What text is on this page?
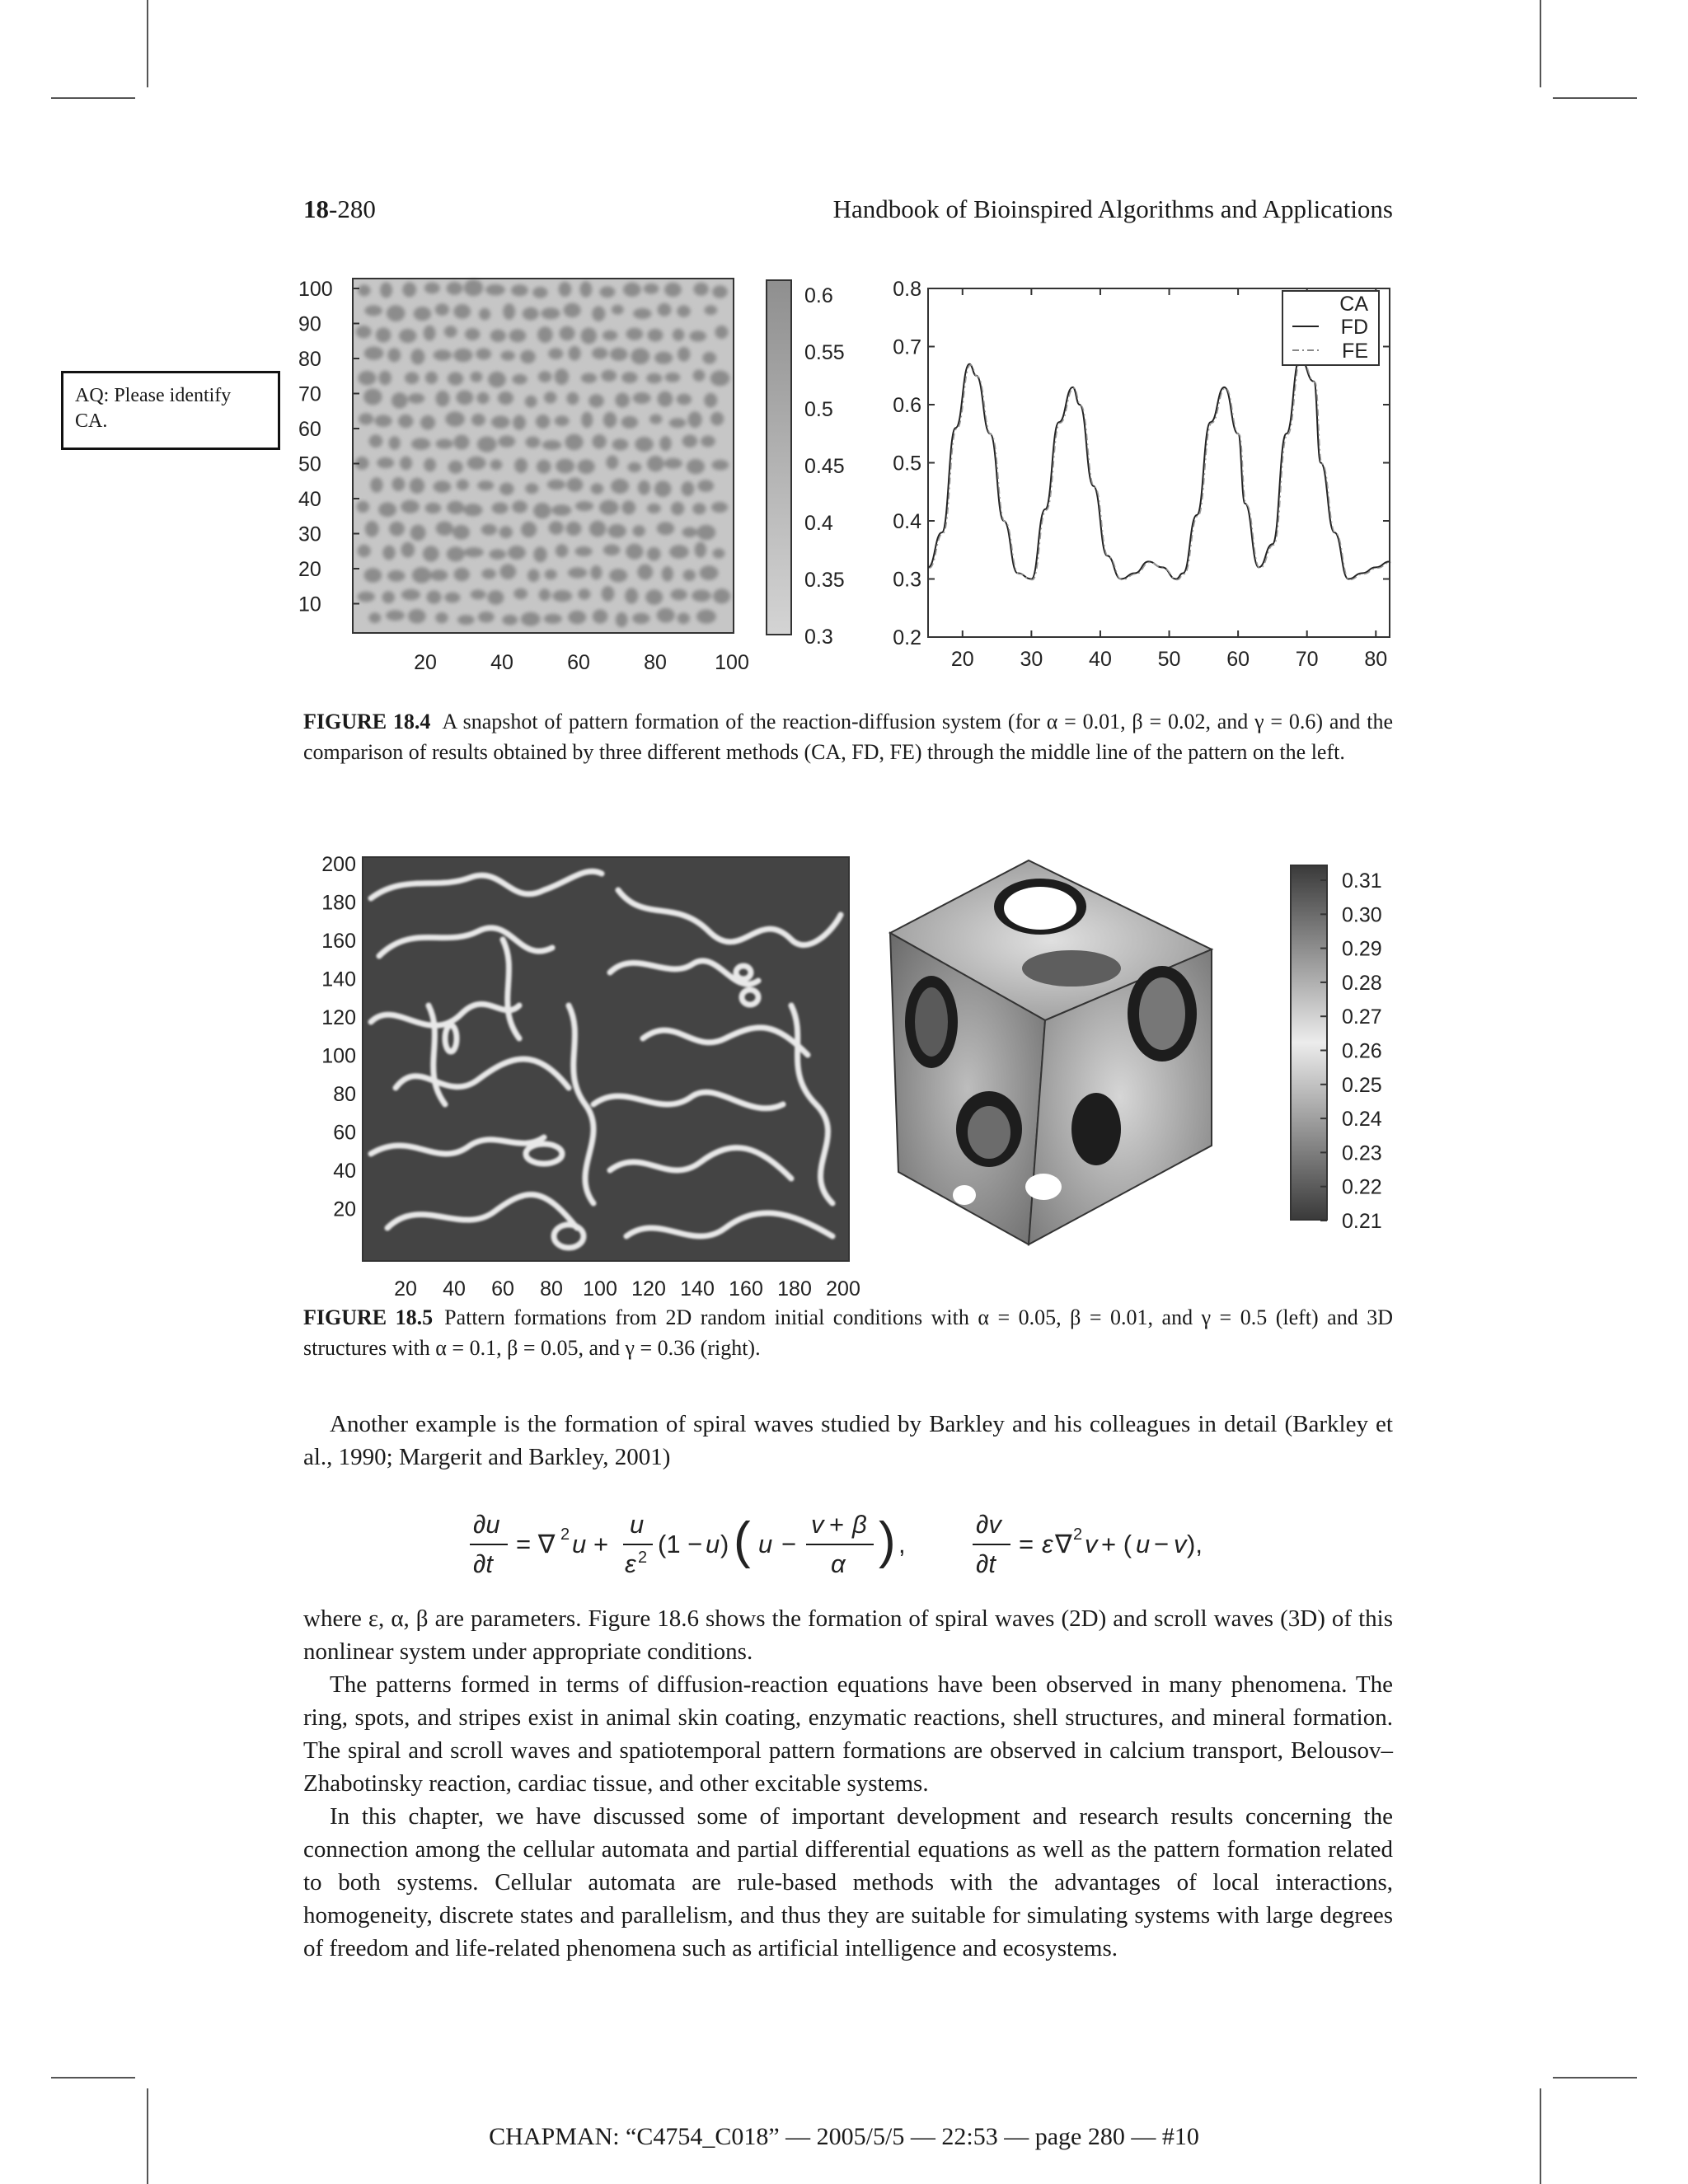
18-280	Handbook of Bioinspired Algorithms and Applications
AQ: Please identify CA.
100
90
80
70
60
50
40
30
20
10
20	40	60	80 100
0.6
0.55
0.5
0.45
0.4
0.35
0.3
0.8
0.7
0.6
0.5
0.4
0.3
0.2
20 30 40 50 60 70 80
CA
FD
FE
FIGURE 18.4 A snapshot of pattern formation of the reaction-diffusion system (for α = 0.01, β = 0.02, and γ = 0.6) and the comparison of results obtained by three different methods (CA, FD, FE) through the middle line of the pattern on the left.
200
180
160
140
120
100
80
60
40
20
20 40 60 80 100 120 140 160 180 200
0.31
0.30
0.29
0.28
0.27
0.26
0.25
0.24
0.23
0.22
0.21
FIGURE 18.5 Pattern formations from 2D random initial conditions with α = 0.05, β = 0.01, and γ = 0.5 (left) and 3D structures with α = 0.1, β = 0.05, and γ = 0.36 (right).
Another example is the formation of spiral waves studied by Barkley and his colleagues in detail (Barkley et al., 1990; Margerit and Barkley, 2001)
∂u
∂t
= ∇ 2 u +
u
ε 2 (1 − u ) ( u −
v + β
α ) ,
∂v
∂t
= ε ∇ 2 v + ( u − v ),
where ε, α, β are parameters. Figure 18.6 shows the formation of spiral waves (2D) and scroll waves (3D) of this nonlinear system under appropriate conditions.
The patterns formed in terms of diffusion-reaction equations have been observed in many phenomena. The ring, spots, and stripes exist in animal skin coating, enzymatic reactions, shell structures, and mineral formation. The spiral and scroll waves and spatiotemporal pattern formations are observed in calcium transport, Belousov–Zhabotinsky reaction, cardiac tissue, and other excitable systems.
In this chapter, we have discussed some of important development and research results concerning the connection among the cellular automata and partial differential equations as well as the pattern formation related to both systems. Cellular automata are rule-based methods with the advantages of local interactions, homogeneity, discrete states and parallelism, and thus they are suitable for simulating systems with large degrees of freedom and life-related phenomena such as artificial intelligence and ecosystems.
CHAPMAN: “C4754_C018” — 2005/5/5 — 22:53 — page 280 — #10
